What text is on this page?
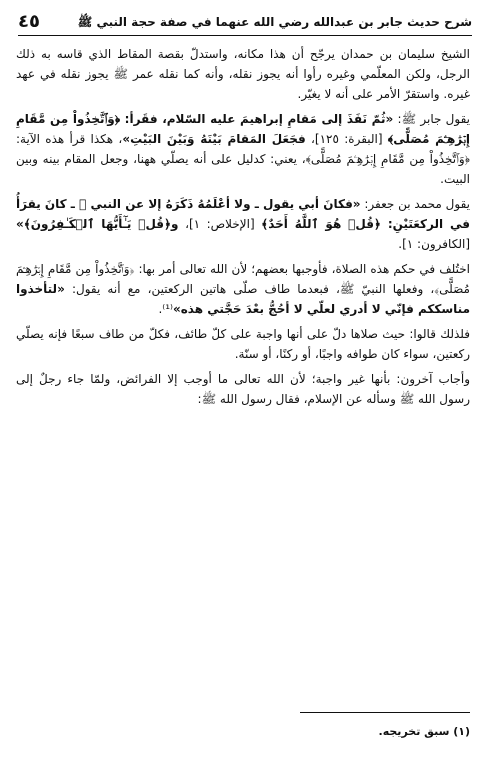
شرح حديث جابر بن عبدالله رضي الله عنهما في صفة حجة النبي ﷺ
٤٥

الشيخ سليمان بن حمدان يرجّح أن هذا مكانه، واستدلّ بقصة المقاط الذي قاسه به ذلك الرجل، ولكن المعلّمي وغيره رأوا أنه يجوز نقله، وأنه كما نقله عمر ﷺ يجوز نقله في عهد غيره. واستقرّ الأمر على أنه لا يغيّر.

يقول جابر ﷺ: «ثُمّ نَفَذَ إلى مَقامِ إبراهيمَ عليه السّلام، فقَرأ: ﴿وَٱتَّخِذُواْ مِن مَّقَامِ إِبۡرَٰهِـۧمَ مُصَلًّى﴾ [البقرة: ١٢٥]، فجَعَلَ المَقامَ بَيْنَهُ وَبَيْنَ البَيْتِ»، هكذا قرأ هذه الآية: ﴿وَٱتَّخِذُواْ مِن مَّقَامِ إِبۡرَٰهِـۧمَ مُصَلًّى﴾، يعني: كدليل على أنه يصلّي ههنا، وجعل المقام بينه وبين البيت.

يقول محمد بن جعفر: «فكانَ أبي يقول ـ ولا أعْلَمُهُ ذَكَرَهُ إلا عن النبي ﷺ ـ كانَ يقرَأُ في الركعَتَيْنِ: ﴿قُلۡ هُوَ ٱللَّهُ أَحَدٌ﴾ [الإخلاص: ١]، و﴿قُلۡ يَـٰٓأَيُّهَا ٱلۡكَـٰفِرُونَ﴾» [الكافرون: ١].

اختُلف في حكم هذه الصلاة، فأوجبها بعضهم؛ لأن الله تعالى أمر بها: ﴿وَٱتَّخِذُواْ مِن مَّقَامِ إِبۡرَٰهِـۧمَ مُصَلًّى﴾، وفعلها النبيّ ﷺ، فبعدما طاف صلّى هاتين الركعتين، مع أنه يقول: «لتأخذوا مناسككم فإنّي لا أدري لعلّي لا أحُجُّ بعْدَ حَجَّتي هذه»⁽¹⁾.

فلذلك قالوا: حيث صلاها دلّ على أنها واجبة على كلّ طائف، فكلّ من طاف سبعًا فإنه يصلّي ركعتين، سواء كان طوافه واجبًا، أو ركنًا، أو سنّة.

وأجاب آخرون: بأنها غير واجبة؛ لأن الله تعالى ما أوجب إلا الفرائض، ولمّا جاء رجلٌ إلى رسول الله ﷺ وسأله عن الإسلام، فقال رسول الله ﷺ:

(١) سبق تخريجه.
